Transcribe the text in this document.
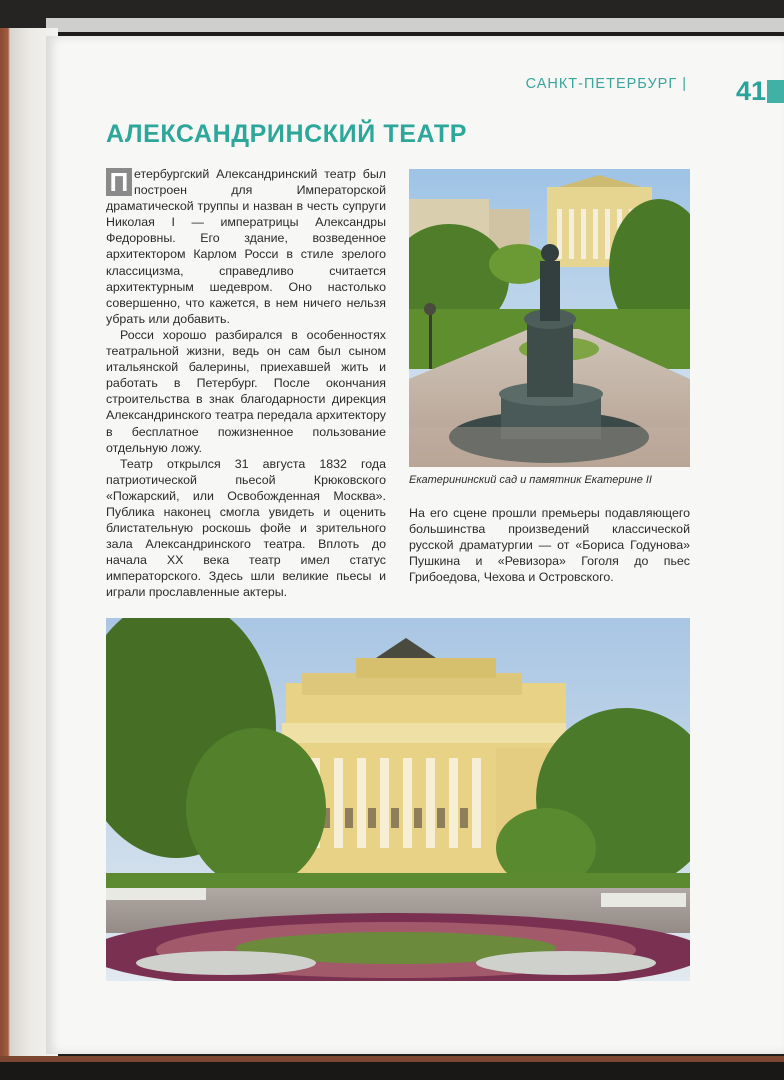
САНКТ-ПЕТЕРБУРГ | 41
АЛЕКСАНДРИНСКИЙ ТЕАТР

П етербургский Александринский театр был построен для Императорской драматической труппы и назван в честь супруги Николая I — императрицы Александры Федоровны. Его здание, возведенное архитектором Карлом Росси в стиле зрелого классицизма, справедливо считается архитектурным шедевром. Оно настолько совершенно, что кажется, в нем ничего нельзя убрать или добавить.

Росси хорошо разбирался в особенностях театральной жизни, ведь он сам был сыном итальянской балерины, приехавшей жить и работать в Петербург. После окончания строительства в знак благодарности дирекция Александринского театра передала архитектору в бесплатное пожизненное пользование отдельную ложу.

Театр открылся 31 августа 1832 года патриотической пьесой Крюковского «Пожарский, или Освобожденная Москва». Публика наконец смогла увидеть и оценить блистательную роскошь фойе и зрительного зала Александринского театра. Вплоть до начала XX века театр имел статус императорского. Здесь шли великие пьесы и играли прославленные актеры.

Екатерининский сад и памятник Екатерине II

На его сцене прошли премьеры подавляющего большинства произведений классической русской драматургии — от «Бориса Годунова» Пушкина и «Ревизора» Гоголя до пьес Грибоедова, Чехова и Островского.
